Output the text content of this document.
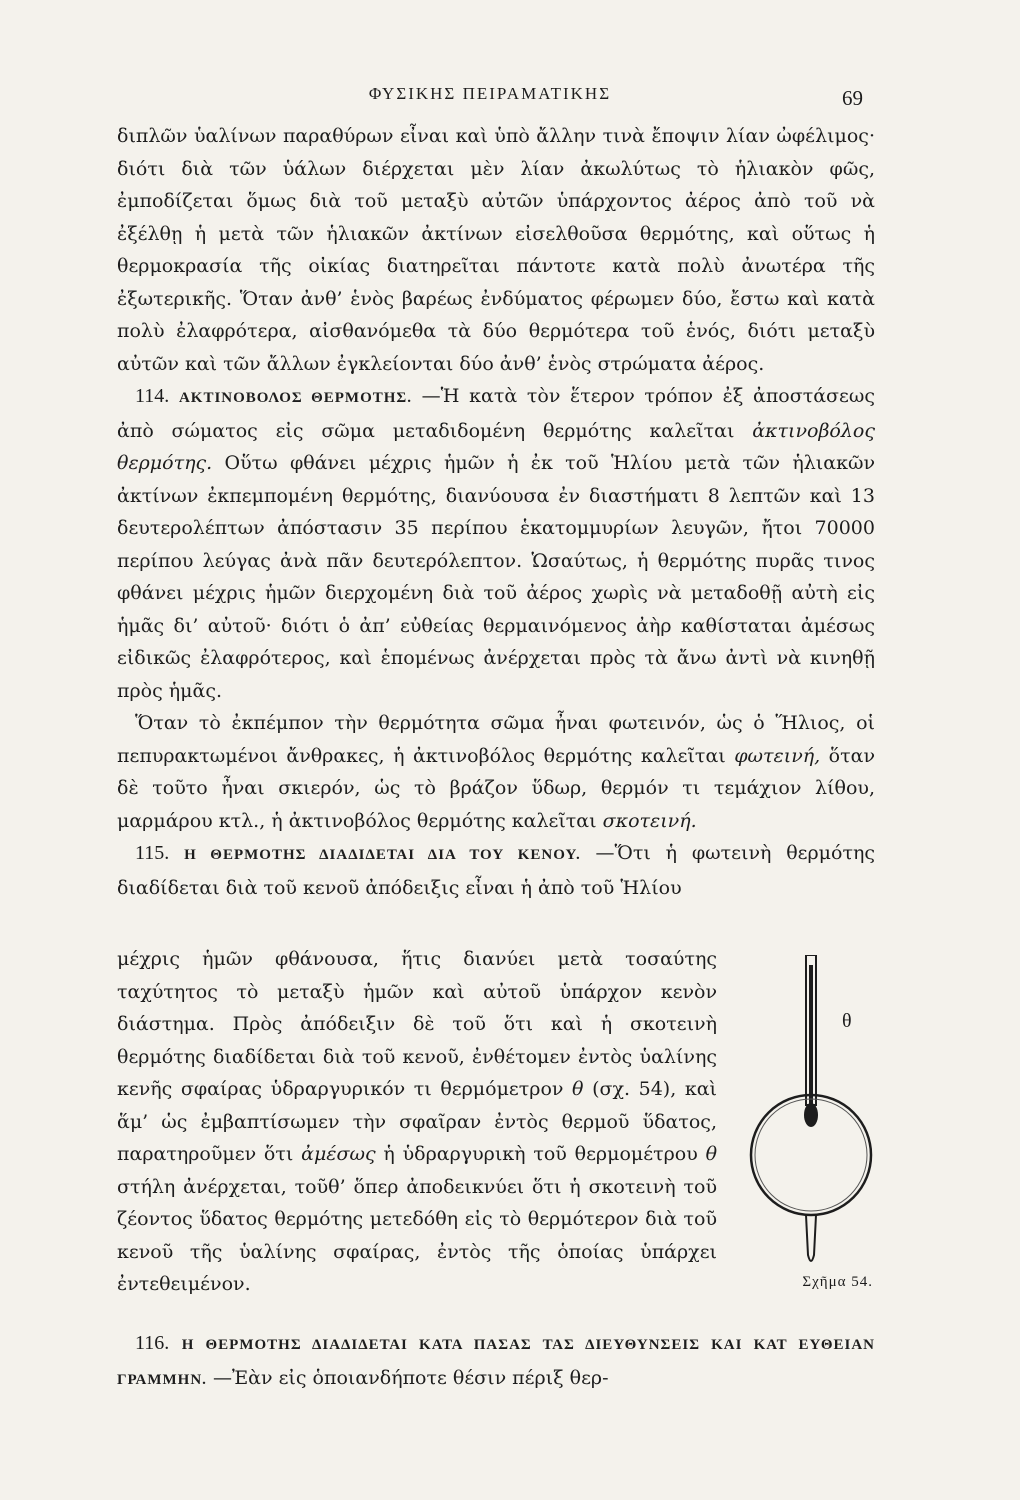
ΦΥΣΙΚΗΣ ΠΕΙΡΑΜΑΤΙΚΗΣ	69

διπλῶν ὑαλίνων παραθύρων εἶναι καὶ ὑπὸ ἄλλην τινὰ ἔποψιν λίαν ὠφέλιμος· διότι διὰ τῶν ὑάλων διέρχεται μὲν λίαν ἀκωλύτως τὸ ἡλιακὸν φῶς, ἐμποδίζεται ὅμως διὰ τοῦ μεταξὺ αὐτῶν ὑπάρχοντος ἀέρος ἀπὸ τοῦ νὰ ἐξέλθῃ ἡ μετὰ τῶν ἡλιακῶν ἀκτίνων εἰσελθοῦσα θερμότης, καὶ οὕτως ἡ θερμοκρασία τῆς οἰκίας διατηρεῖται πάντοτε κατὰ πολὺ ἀνωτέρα τῆς ἐξωτερικῆς. Ὅταν ἀνθ’ ἑνὸς βαρέως ἐνδύματος φέρωμεν δύο, ἔστω καὶ κατὰ πολὺ ἐλαφρότερα, αἰσθανόμεθα τὰ δύο θερμότερα τοῦ ἑνός, διότι μεταξὺ αὐτῶν καὶ τῶν ἄλλων ἐγκλείονται δύο ἀνθ’ ἑνὸς στρώματα ἀέρος.

114. ΑΚΤΙΝΟΒΟΛΟΣ ΘΕΡΜΟΤΗΣ. —Ἡ κατὰ τὸν ἕτερον τρόπον ἐξ ἀποστάσεως ἀπὸ σώματος εἰς σῶμα μεταδιδομένη θερμότης καλεῖται ἀκτινοβόλος θερμότης. Οὕτω φθάνει μέχρις ἡμῶν ἡ ἐκ τοῦ Ἡλίου μετὰ τῶν ἡλιακῶν ἀκτίνων ἐκπεμπομένη θερμότης, διανύουσα ἐν διαστήματι 8 λεπτῶν καὶ 13 δευτερολέπτων ἀπόστασιν 35 περίπου ἑκατομμυρίων λευγῶν, ἤτοι 70000 περίπου λεύγας ἀνὰ πᾶν δευτερόλεπτον. Ὡσαύτως, ἡ θερμότης πυρᾶς τινος φθάνει μέχρις ἡμῶν διερχομένη διὰ τοῦ ἀέρος χωρὶς νὰ μεταδοθῇ αὐτὴ εἰς ἡμᾶς δι’ αὐτοῦ· διότι ὁ ἀπ’ εὐθείας θερμαινόμενος ἀὴρ καθίσταται ἀμέσως εἰδικῶς ἐλαφρότερος, καὶ ἑπομένως ἀνέρχεται πρὸς τὰ ἄνω ἀντὶ νὰ κινηθῇ πρὸς ἡμᾶς.

Ὅταν τὸ ἐκπέμπον τὴν θερμότητα σῶμα ἦναι φωτεινόν, ὡς ὁ Ἥλιος, οἱ πεπυρακτωμένοι ἄνθρακες, ἡ ἀκτινοβόλος θερμότης καλεῖται φωτεινή, ὅταν δὲ τοῦτο ἦναι σκιερόν, ὡς τὸ βράζον ὕδωρ, θερμόν τι τεμάχιον λίθου, μαρμάρου κτλ., ἡ ἀκτινοβόλος θερμότης καλεῖται σκοτεινή.

115. Η ΘΕΡΜΟΤΗΣ ΔΙΑΔΙΔΕΤΑΙ ΔΙΑ ΤΟΥ ΚΕΝΟΥ. —Ὅτι ἡ φωτεινὴ θερμότης διαδίδεται διὰ τοῦ κενοῦ ἀπόδειξις εἶναι ἡ ἀπὸ τοῦ Ἡλίου

μέχρις ἡμῶν φθάνουσα, ἥτις διανύει μετὰ τοσαύτης ταχύτητος τὸ μεταξὺ ἡμῶν καὶ αὐτοῦ ὑπάρχον κενὸν διάστημα. Πρὸς ἀπόδειξιν δὲ τοῦ ὅτι καὶ ἡ σκοτεινὴ θερμότης διαδίδεται διὰ τοῦ κενοῦ, ἐνθέτομεν ἐντὸς ὑαλίνης κενῆς σφαίρας ὑδραργυρικόν τι θερμόμετρον θ (σχ. 54), καὶ ἅμ’ ὡς ἐμβαπτίσωμεν τὴν σφαῖραν ἐντὸς θερμοῦ ὕδατος, παρατηροῦμεν ὅτι ἀμέσως ἡ ὑδραργυρικὴ τοῦ θερμομέτρου θ στήλη ἀνέρχεται, τοῦθ’ ὅπερ ἀποδεικνύει ὅτι ἡ σκοτεινὴ τοῦ ζέοντος ὕδατος θερμότης μετεδόθη εἰς τὸ θερμότερον διὰ τοῦ κενοῦ τῆς ὑαλίνης σφαίρας, ἐντὸς τῆς ὁποίας ὑπάρχει ἐντεθειμένον.

θ
Σχῆμα 54.

116. Η ΘΕΡΜΟΤΗΣ ΔΙΑΔΙΔΕΤΑΙ ΚΑΤΑ ΠΑΣΑΣ ΤΑΣ ΔΙΕΥΘΥΝΣΕΙΣ ΚΑΙ ΚΑΤ ΕΥΘΕΙΑΝ ΓΡΑΜΜΗΝ. —Ἐὰν εἰς ὁποιανδήποτε θέσιν πέριξ θερ-
